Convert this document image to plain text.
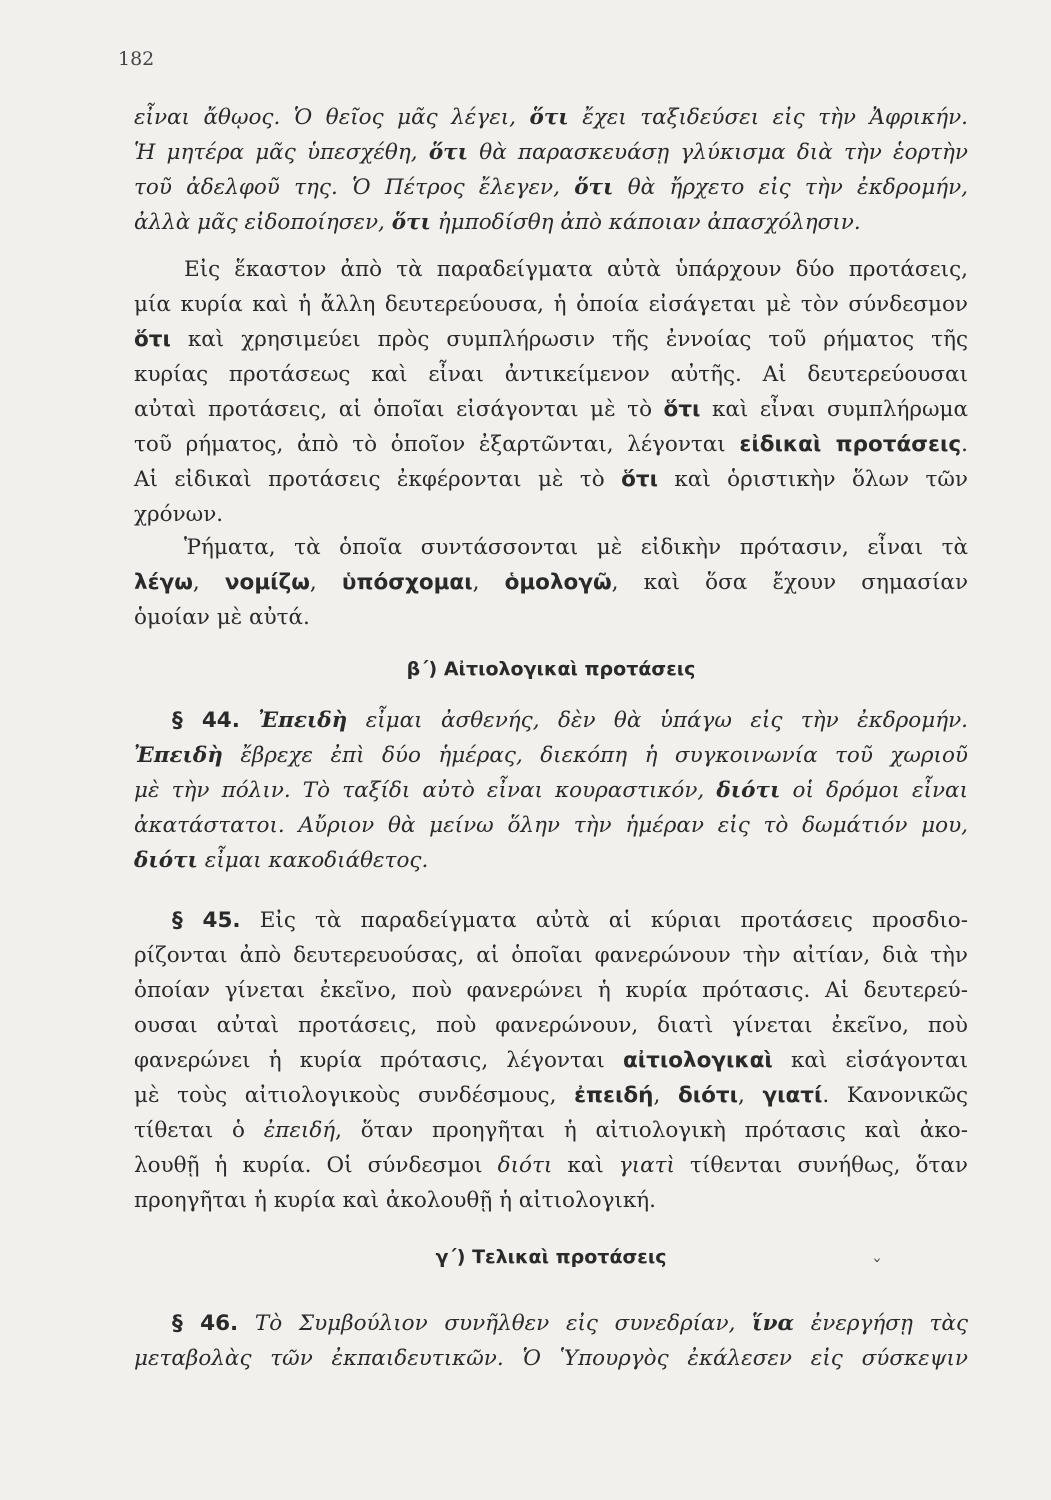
182
εἶναι ἄθῳος. Ὁ θεῖος μᾶς λέγει, ὅτι ἔχει ταξιδεύσει εἰς τὴν Ἀφρικήν.
Ἡ μητέρα μᾶς ὑπεσχέθη, ὅτι θὰ παρασκευάσῃ γλύκισμα διὰ τὴν ἑορτὴν
τοῦ ἀδελφοῦ της. Ὁ Πέτρος ἔλεγεν, ὅτι θὰ ἤρχετο εἰς τὴν ἐκδρομήν,
ἀλλὰ μᾶς εἰδοποίησεν, ὅτι ἠμποδίσθη ἀπὸ κάποιαν ἀπασχόλησιν.
Εἰς ἕκαστον ἀπὸ τὰ παραδείγματα αὐτὰ ὑπάρχουν δύο προτάσεις,
μία κυρία καὶ ἡ ἄλλη δευτερεύουσα, ἡ ὁποία εἰσάγεται μὲ τὸν σύνδεσμον
ὅτι καὶ χρησιμεύει πρὸς συμπλήρωσιν τῆς ἐννοίας τοῦ ρήματος τῆς
κυρίας προτάσεως καὶ εἶναι ἀντικείμενον αὐτῆς. Αἱ δευτερεύουσαι
αὐταὶ προτάσεις, αἱ ὁποῖαι εἰσάγονται μὲ τὸ ὅτι καὶ εἶναι συμπλήρωμα
τοῦ ρήματος, ἀπὸ τὸ ὁποῖον ἐξαρτῶνται, λέγονται εἰδικαὶ προτάσεις.
Αἱ εἰδικαὶ προτάσεις ἐκφέρονται μὲ τὸ ὅτι καὶ ὁριστικὴν ὅλων τῶν
χρόνων.
Ῥήματα, τὰ ὁποῖα συντάσσονται μὲ εἰδικὴν πρότασιν, εἶναι τὰ
λέγω, νομίζω, ὑπόσχομαι, ὁμολογῶ, καὶ ὅσα ἔχουν σημασίαν
ὁμοίαν μὲ αὐτά.
β΄) Αἰτιολογικαὶ προτάσεις
§ 44. Ἐπειδὴ εἶμαι ἀσθενής, δὲν θὰ ὑπάγω εἰς τὴν ἐκδρομήν.
Ἐπειδὴ ἔβρεχε ἐπὶ δύο ἡμέρας, διεκόπη ἡ συγκοινωνία τοῦ χωριοῦ
μὲ τὴν πόλιν. Τὸ ταξίδι αὐτὸ εἶναι κουραστικόν, διότι οἱ δρόμοι εἶναι
ἀκατάστατοι. Αὔριον θὰ μείνω ὅλην τὴν ἡμέραν εἰς τὸ δωμάτιόν μου,
διότι εἶμαι κακοδιάθετος.
§ 45. Εἰς τὰ παραδείγματα αὐτὰ αἱ κύριαι προτάσεις προσδιο-
ρίζονται ἀπὸ δευτερευούσας, αἱ ὁποῖαι φανερώνουν τὴν αἰτίαν, διὰ τὴν
ὁποίαν γίνεται ἐκεῖνο, ποὺ φανερώνει ἡ κυρία πρότασις. Αἱ δευτερεύ-
ουσαι αὐταὶ προτάσεις, ποὺ φανερώνουν, διατὶ γίνεται ἐκεῖνο, ποὺ
φανερώνει ἡ κυρία πρότασις, λέγονται αἰτιολογικαὶ καὶ εἰσάγονται
μὲ τοὺς αἰτιολογικοὺς συνδέσμους, ἐπειδή, διότι, γιατί. Κανονικῶς
τίθεται ὁ ἐπειδή, ὅταν προηγῆται ἡ αἰτιολογικὴ πρότασις καὶ ἀκο-
λουθῇ ἡ κυρία. Οἱ σύνδεσμοι διότι καὶ γιατὶ τίθενται συνήθως, ὅταν
προηγῆται ἡ κυρία καὶ ἀκολουθῇ ἡ αἰτιολογική.
γ΄) Τελικαὶ προτάσεις	ˇ
§ 46. Τὸ Συμβούλιον συνῆλθεν εἰς συνεδρίαν, ἵνα ἐνεργήσῃ τὰς
μεταβολὰς τῶν ἐκπαιδευτικῶν. Ὁ Ὑπουργὸς ἐκάλεσεν εἰς σύσκεψιν
